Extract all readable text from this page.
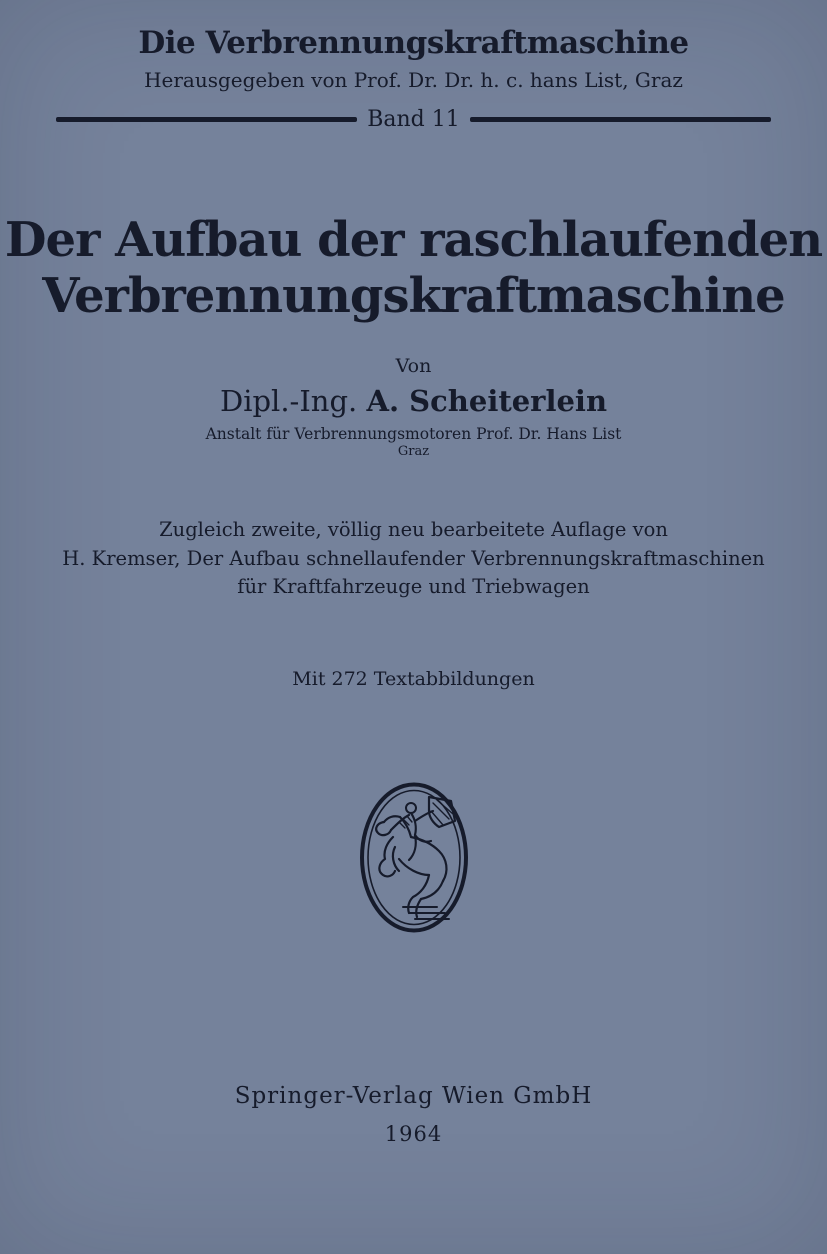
Die Verbrennungskraftmaschine
Herausgegeben von Prof. Dr. Dr. h. c. hans List, Graz
Band 11
Der Aufbau der raschlaufenden
Verbrennungskraftmaschine
Von
Dipl.-Ing. A. Scheiterlein
Anstalt für Verbrennungsmotoren Prof. Dr. Hans List
Graz
Zugleich zweite, völlig neu bearbeitete Auflage von
H. Kremser, Der Aufbau schnellaufender Verbrennungskraftmaschinen
für Kraftfahrzeuge und Triebwagen
Mit 272 Textabbildungen
Springer-Verlag Wien GmbH
1964
